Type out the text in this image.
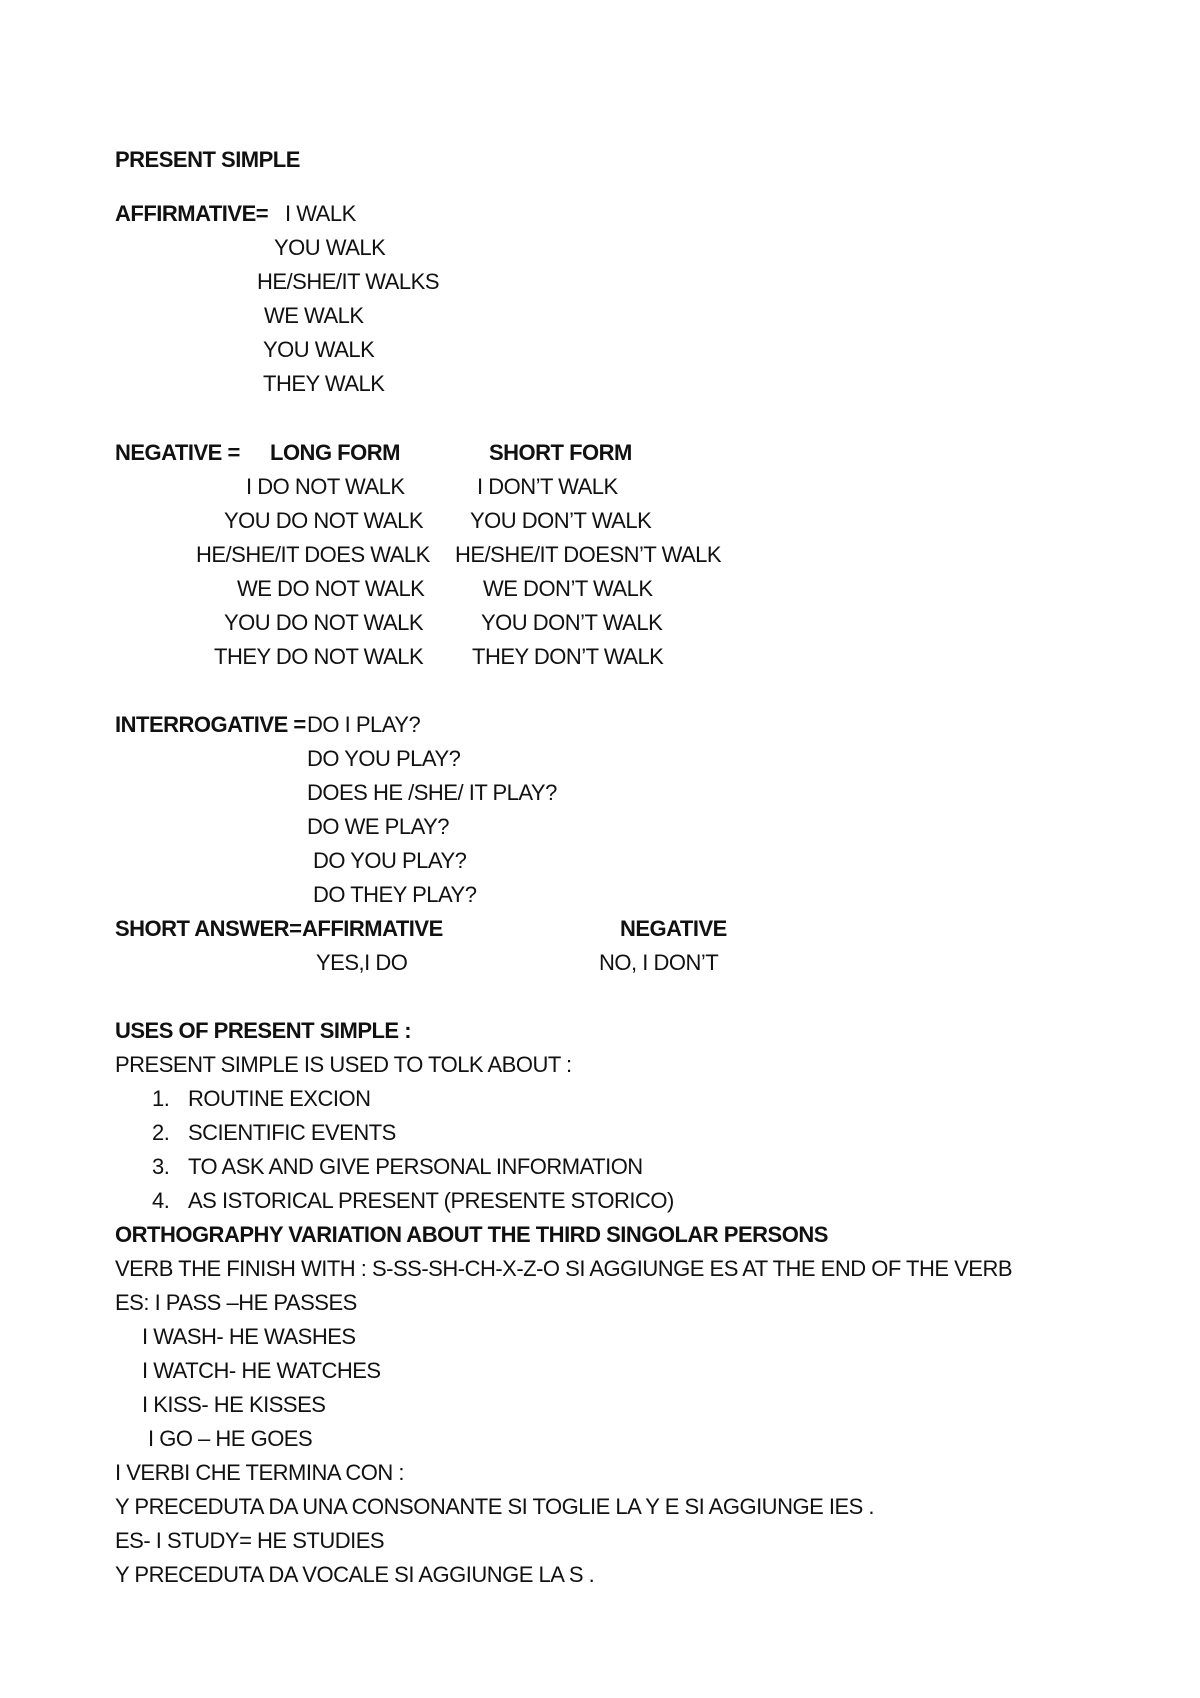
PRESENT SIMPLE
AFFIRMATIVE= I WALK
YOU WALK
HE/SHE/IT WALKS
WE WALK
YOU WALK
THEY WALK
NEGATIVE = LONG FORM	SHORT FORM
I DO NOT WALK	I DON’T WALK
YOU DO NOT WALK YOU DON’T WALK
HE/SHE/IT DOES WALK HE/SHE/IT DOESN’T WALK
WE DO NOT WALK	WE DON’T WALK
YOU DO NOT WALK	YOU DON’T WALK
THEY DO NOT WALK THEY DON’T WALK
INTERROGATIVE = DO I PLAY?
DO YOU PLAY?
DOES HE /SHE/ IT PLAY?
DO WE PLAY?
DO YOU PLAY?
DO THEY PLAY?
SHORT ANSWER= AFFIRMATIVE	NEGATIVE
YES,I DO	NO, I DON’T
USES OF PRESENT SIMPLE :
PRESENT SIMPLE IS USED TO TOLK ABOUT :
1. ROUTINE EXCION
2. SCIENTIFIC EVENTS
3. TO ASK AND GIVE PERSONAL INFORMATION
4. AS ISTORICAL PRESENT (PRESENTE STORICO)
ORTHOGRAPHY VARIATION ABOUT THE THIRD SINGOLAR PERSONS
VERB THE FINISH WITH : S-SS-SH-CH-X-Z-O SI AGGIUNGE ES AT THE END OF THE VERB
ES: I PASS –HE PASSES
I WASH- HE WASHES
I WATCH- HE WATCHES
I KISS- HE KISSES
I GO – HE GOES
I VERBI CHE TERMINA CON :
Y PRECEDUTA DA UNA CONSONANTE SI TOGLIE LA Y E SI AGGIUNGE IES .
ES- I STUDY= HE STUDIES
Y PRECEDUTA DA VOCALE SI AGGIUNGE LA S .
